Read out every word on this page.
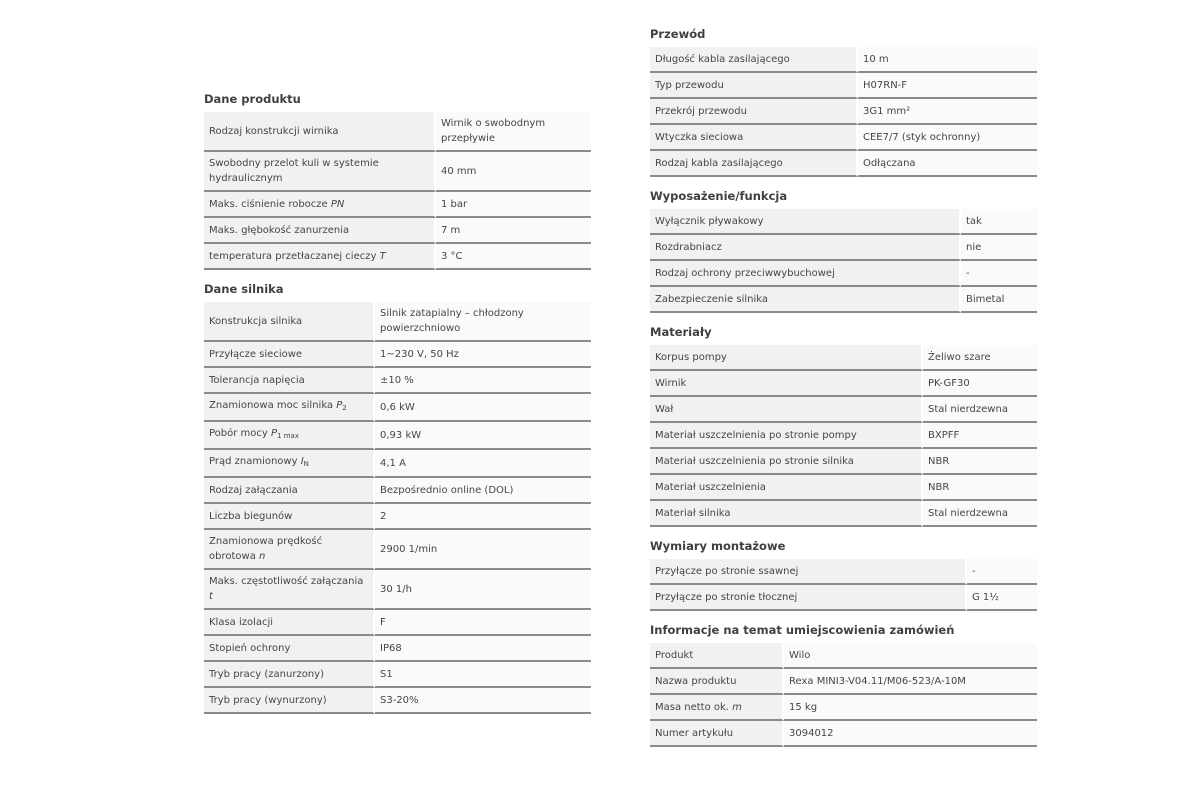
Dane produktu
Rodzaj konstrukcji wirnika	Wirnik o swobodnym przepływie
Swobodny przelot kuli w systemie hydraulicznym	40 mm
Maks. ciśnienie robocze PN	1 bar
Maks. głębokość zanurzenia	7 m
temperatura przetłaczanej cieczy T	3 °C
Dane silnika
Konstrukcja silnika	Silnik zatapialny – chłodzony powierzchniowo
Przyłącze sieciowe	1~230 V, 50 Hz
Tolerancja napięcia	±10 %
Znamionowa moc silnika $P_2$	0,6 kW
Pobór mocy $P_{1 max}$	0,93 kW
Prąd znamionowy $I_N$	4,1 A
Rodzaj załączania	Bezpośrednio online (DOL)
Liczba biegunów	2
Znamionowa prędkość obrotowa n	2900 1/min
Maks. częstotliwość załączania t	30 1/h
Klasa izolacji	F
Stopień ochrony	IP68
Tryb pracy (zanurzony)	S1
Tryb pracy (wynurzony)	S3-20%
Przewód
Długość kabla zasilającego	10 m
Typ przewodu	H07RN-F
Przekrój przewodu	3G1 mm²
Wtyczka sieciowa	CEE7/7 (styk ochronny)
Rodzaj kabla zasilającego	Odłączana
Wyposażenie/funkcja
Wyłącznik pływakowy	tak
Rozdrabniacz	nie
Rodzaj ochrony przeciwwybuchowej	-
Zabezpieczenie silnika	Bimetal
Materiały
Korpus pompy	Żeliwo szare
Wirnik	PK-GF30
Wał	Stal nierdzewna
Materiał uszczelnienia po stronie pompy	BXPFF
Materiał uszczelnienia po stronie silnika	NBR
Materiał uszczelnienia	NBR
Materiał silnika	Stal nierdzewna
Wymiary montażowe
Przyłącze po stronie ssawnej	-
Przyłącze po stronie tłocznej	G 1½
Informacje na temat umiejscowienia zamówień
Produkt	Wilo
Nazwa produktu	Rexa MINI3-V04.11/M06-523/A-10M
Masa netto ok. m	15 kg
Numer artykułu	3094012
